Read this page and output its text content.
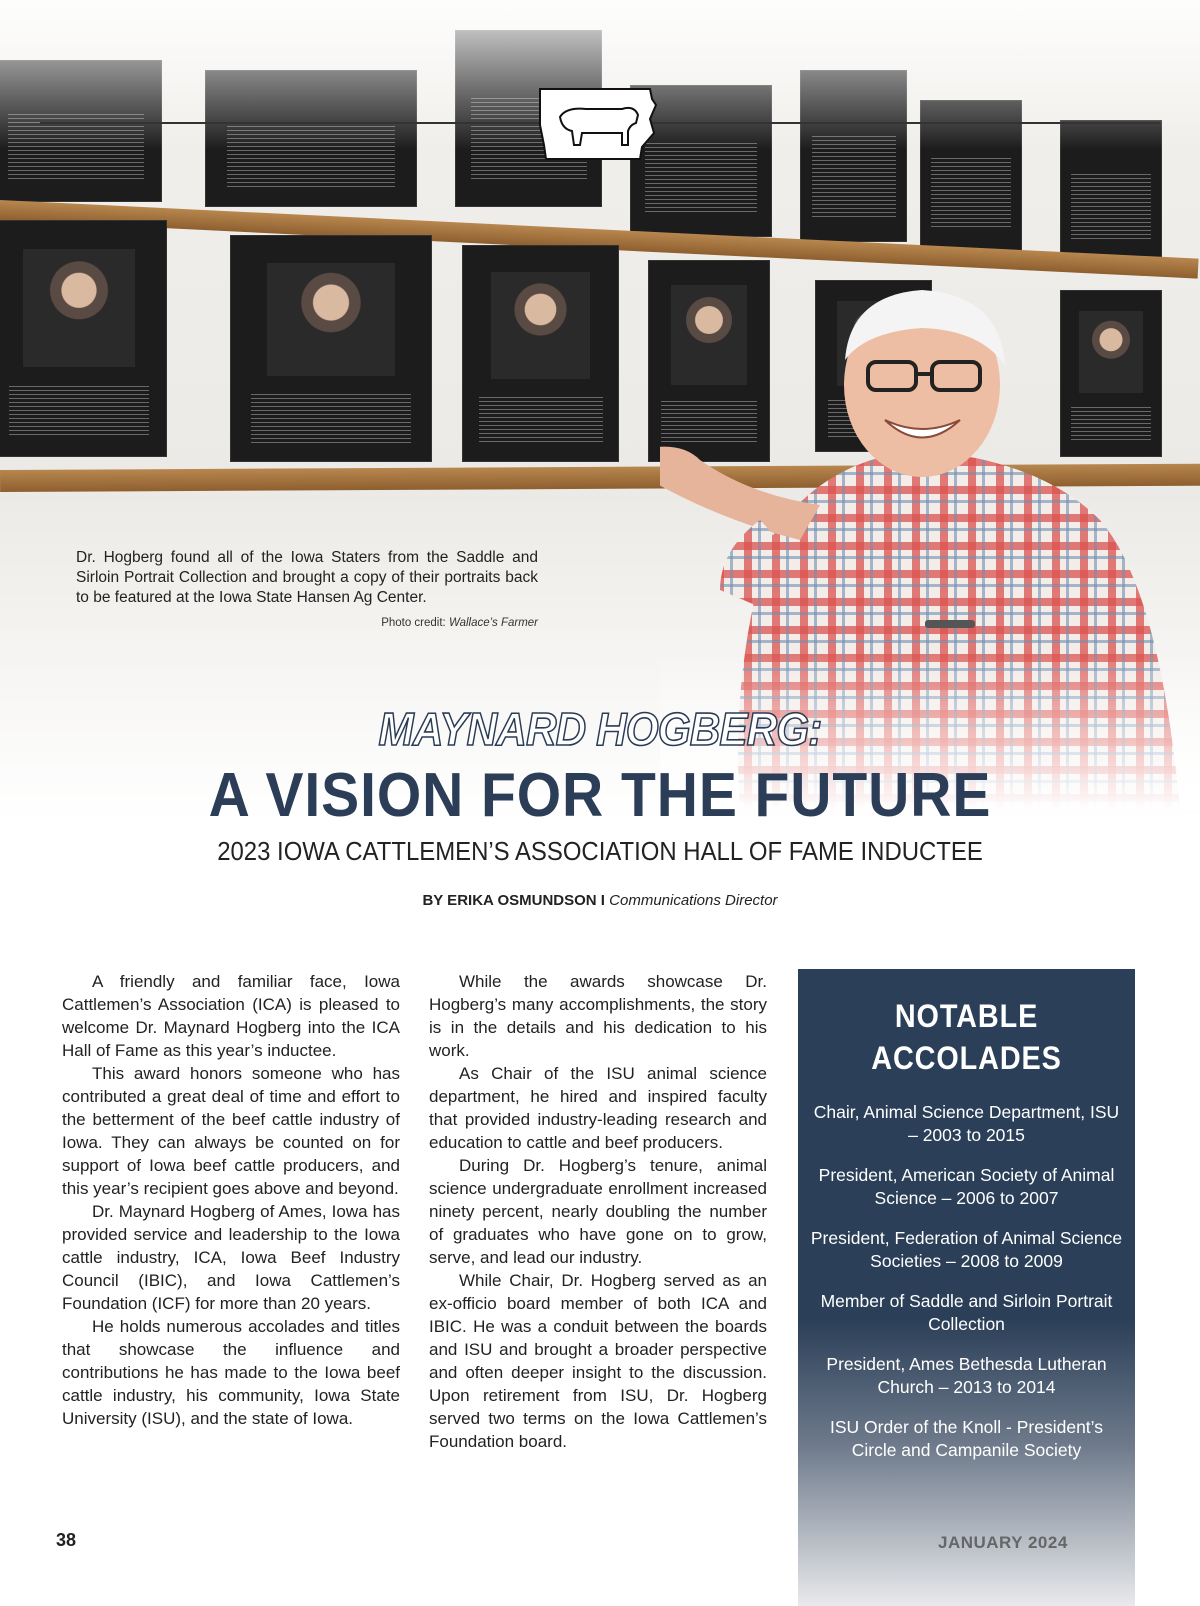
Dr. Hogberg found all of the Iowa Staters from the Saddle and Sirloin Portrait Collection and brought a copy of their portraits back to be featured at the Iowa State Hansen Ag Center.
Photo credit: Wallace’s Farmer
MAYNARD HOGBERG:
A VISION FOR THE FUTURE
2023 IOWA CATTLEMEN’S ASSOCIATION HALL OF FAME INDUCTEE
BY ERIKA OSMUNDSON I Communications Director

A friendly and familiar face, Iowa Cattlemen’s Association (ICA) is pleased to welcome Dr. Maynard Hogberg into the ICA Hall of Fame as this year’s inductee.

This award honors someone who has contributed a great deal of time and effort to the betterment of the beef cattle industry of Iowa. They can always be counted on for support of Iowa beef cattle producers, and this year’s recipient goes above and beyond.

Dr. Maynard Hogberg of Ames, Iowa has provided service and leadership to the Iowa cattle industry, ICA, Iowa Beef Industry Council (IBIC), and Iowa Cattlemen’s Foundation (ICF) for more than 20 years.

He holds numerous accolades and titles that showcase the influence and contributions he has made to the Iowa beef cattle industry, his community, Iowa State University (ISU), and the state of Iowa.

While the awards showcase Dr. Hogberg’s many accomplishments, the story is in the details and his dedication to his work.

As Chair of the ISU animal science department, he hired and inspired faculty that provided industry-leading research and education to cattle and beef producers.

During Dr. Hogberg’s tenure, animal science undergraduate enrollment increased ninety percent, nearly doubling the number of graduates who have gone on to grow, serve, and lead our industry.

While Chair, Dr. Hogberg served as an ex-officio board member of both ICA and IBIC. He was a conduit between the boards and ISU and brought a broader perspective and often deeper insight to the discussion. Upon retirement from ISU, Dr. Hogberg served two terms on the Iowa Cattlemen’s Foundation board.

NOTABLE
ACCOLADES
Chair, Animal Science Department, ISU – 2003 to 2015
President, American Society of Animal Science – 2006 to 2007
President, Federation of Animal Science Societies – 2008 to 2009
Member of Saddle and Sirloin Portrait Collection
President, Ames Bethesda Lutheran Church – 2013 to 2014
ISU Order of the Knoll - President’s Circle and Campanile Society
38	JANUARY 2024
